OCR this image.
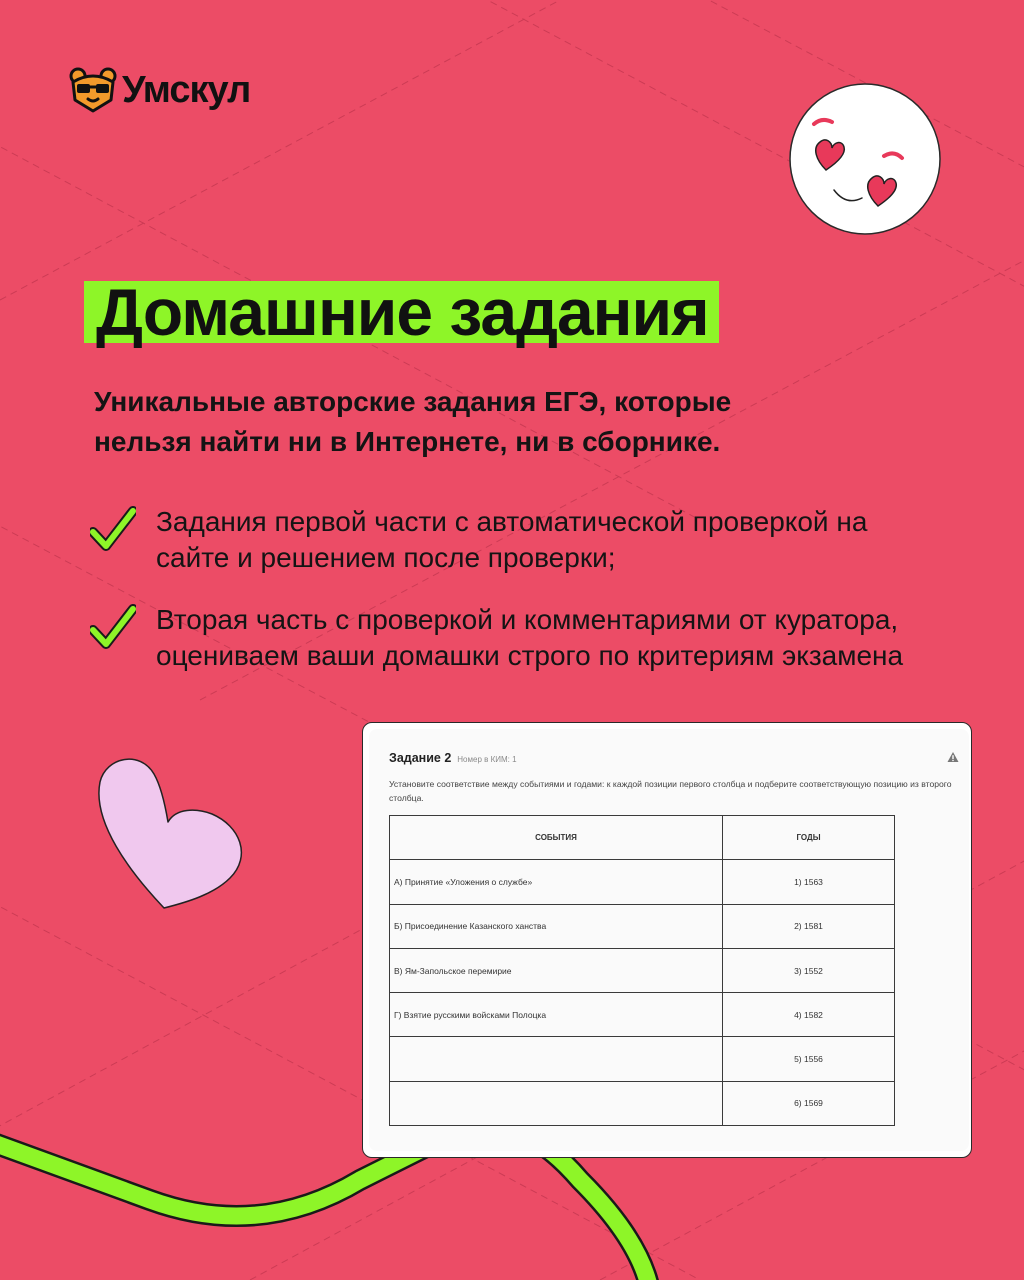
Умскул
Домашние задания
Уникальные авторские задания ЕГЭ, которые нельзя найти ни в Интернете, ни в сборнике.
Задания первой части с автоматической проверкой на сайте и решением после проверки;
Вторая часть с проверкой и комментариями от куратора, оцениваем ваши домашки строго по критериям экзамена
Задание 2 Номер в КИМ: 1
Установите соответствие между событиями и годами: к каждой позиции первого столбца и подберите соответствующую позицию из второго столбца.
СОБЫТИЯ	ГОДЫ
А) Принятие «Уложения о службе»	1) 1563
Б) Присоединение Казанского ханства	2) 1581
В) Ям-Запольское перемирие	3) 1552
Г) Взятие русскими войсками Полоцка	4) 1582
	5) 1556
	6) 1569
